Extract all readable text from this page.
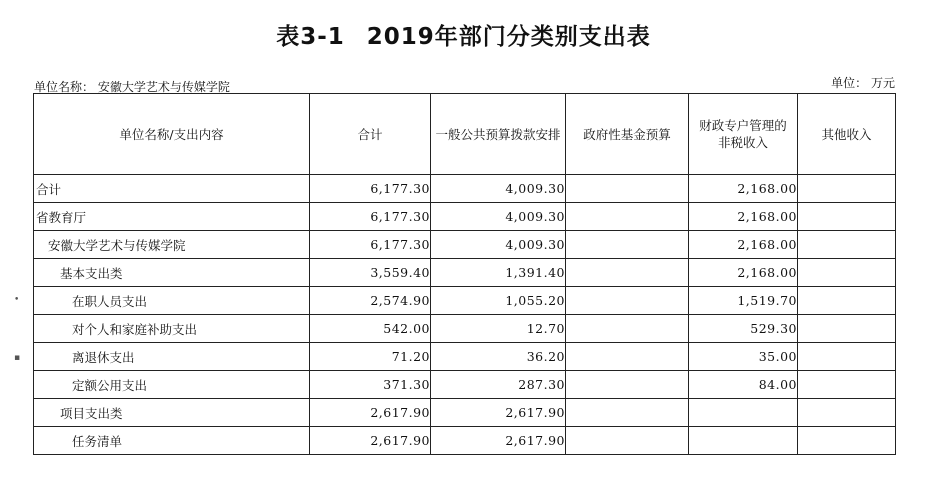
表3-1 2019年部门分类别支出表
单位名称： 安徽大学艺术与传媒学院	单位： 万元
•
▪
单位名称/支出内容	合计	一般公共预算拨款安排	政府性基金预算	财政专户管理的
非税收入	其他收入
合计	6,177.30	4,009.30		2,168.00	
省教育厅	6,177.30	4,009.30		2,168.00	
安徽大学艺术与传媒学院	6,177.30	4,009.30		2,168.00	
基本支出类	3,559.40	1,391.40		2,168.00	
在职人员支出	2,574.90	1,055.20		1,519.70	
对个人和家庭补助支出	542.00	12.70		529.30	
离退休支出	71.20	36.20		35.00	
定额公用支出	371.30	287.30		84.00	
项目支出类	2,617.90	2,617.90			
任务清单	2,617.90	2,617.90			
